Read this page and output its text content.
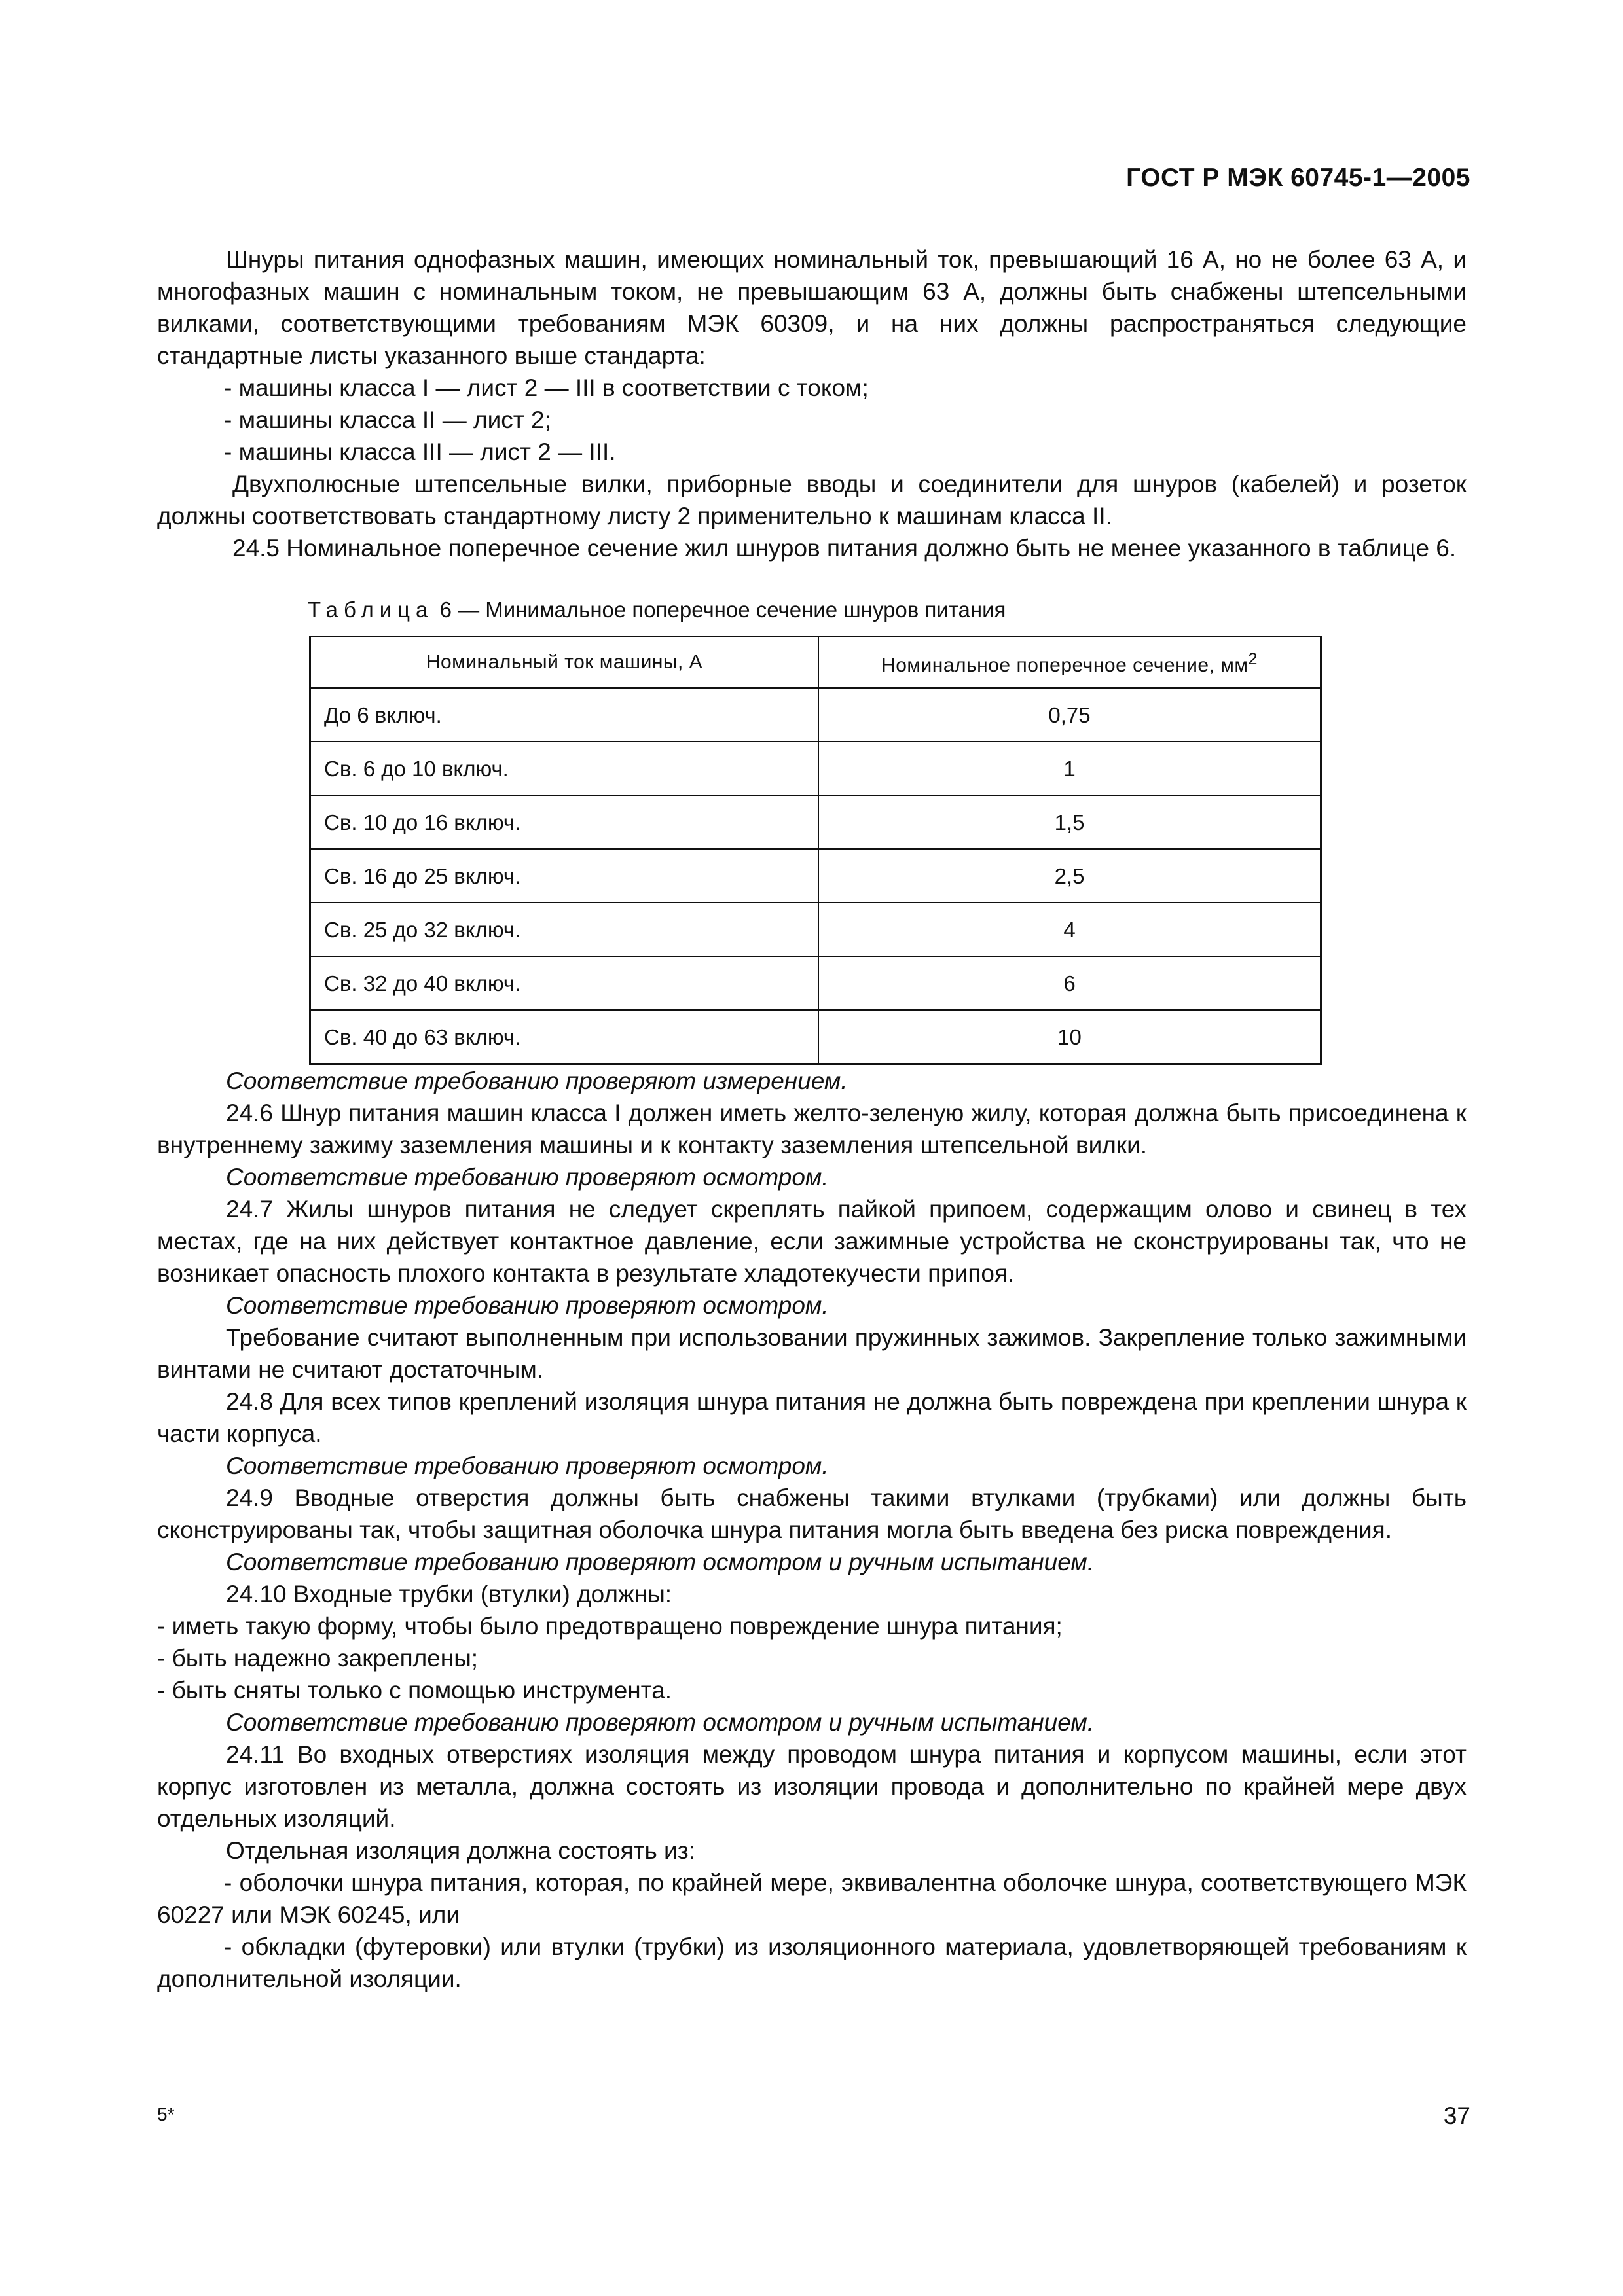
ГОСТ Р МЭК 60745-1—2005

Шнуры питания однофазных машин, имеющих номинальный ток, превышающий 16 А, но не более 63 А, и многофазных машин с номинальным током, не превышающим 63 А, должны быть снабжены штепсельными вилками, соответствующими требованиям МЭК 60309, и на них должны распространяться следующие стандартные листы указанного выше стандарта:

- машины класса I — лист 2 — III в соответствии с током;

- машины класса II — лист 2;

- машины класса III — лист 2 — III.

Двухполюсные штепсельные вилки, приборные вводы и соединители для шнуров (кабелей) и розеток должны соответствовать стандартному листу 2 применительно к машинам класса II.

24.5 Номинальное поперечное сечение жил шнуров питания должно быть не менее указанного в таблице 6.

Таблица 6 — Минимальное поперечное сечение шнуров питания
Номинальный ток машины, А	Номинальное поперечное сечение, $мм^2$
До 6 включ.	0,75
Св. 6 до 10 включ.	1
Св. 10 до 16 включ.	1,5
Св. 16 до 25 включ.	2,5
Св. 25 до 32 включ.	4
Св. 32 до 40 включ.	6
Св. 40 до 63 включ.	10

Соответствие требованию проверяют измерением.

24.6 Шнур питания машин класса I должен иметь желто-зеленую жилу, которая должна быть присоединена к внутреннему зажиму заземления машины и к контакту заземления штепсельной вилки.

Соответствие требованию проверяют осмотром.

24.7 Жилы шнуров питания не следует скреплять пайкой припоем, содержащим олово и свинец в тех местах, где на них действует контактное давление, если зажимные устройства не сконструированы так, что не возникает опасность плохого контакта в результате хладотекучести припоя.

Соответствие требованию проверяют осмотром.

Требование считают выполненным при использовании пружинных зажимов. Закрепление только зажимными винтами не считают достаточным.

24.8 Для всех типов креплений изоляция шнура питания не должна быть повреждена при креплении шнура к части корпуса.

Соответствие требованию проверяют осмотром.

24.9 Вводные отверстия должны быть снабжены такими втулками (трубками) или должны быть сконструированы так, чтобы защитная оболочка шнура питания могла быть введена без риска повреждения.

Соответствие требованию проверяют осмотром и ручным испытанием.

24.10 Входные трубки (втулки) должны:

- иметь такую форму, чтобы было предотвращено повреждение шнура питания;

- быть надежно закреплены;

- быть сняты только с помощью инструмента.

Соответствие требованию проверяют осмотром и ручным испытанием.

24.11 Во входных отверстиях изоляция между проводом шнура питания и корпусом машины, если этот корпус изготовлен из металла, должна состоять из изоляции провода и дополнительно по крайней мере двух отдельных изоляций.

Отдельная изоляция должна состоять из:

- оболочки шнура питания, которая, по крайней мере, эквивалентна оболочке шнура, соответствующего МЭК 60227 или МЭК 60245, или

- обкладки (футеровки) или втулки (трубки) из изоляционного материала, удовлетворяющей требованиям к дополнительной изоляции.

5*	37
